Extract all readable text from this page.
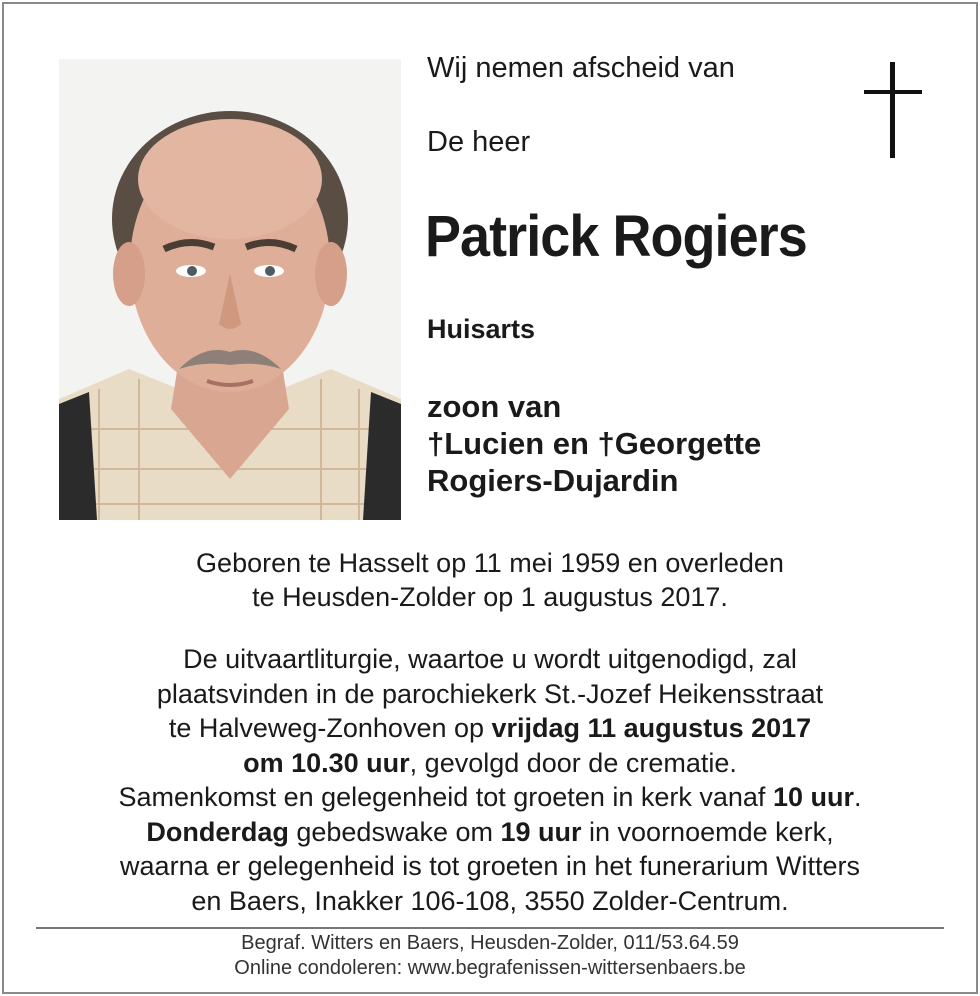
Wij nemen afscheid van
De heer
Patrick Rogiers
Huisarts
zoon van
†Lucien en †Georgette
Rogiers-Dujardin
Geboren te Hasselt op 11 mei 1959 en overleden
te Heusden-Zolder op 1 augustus 2017.
De uitvaartliturgie, waartoe u wordt uitgenodigd, zal
plaatsvinden in de parochiekerk St.-Jozef Heikensstraat
te Halveweg-Zonhoven op vrijdag 11 augustus 2017
om 10.30 uur, gevolgd door de crematie.
Samenkomst en gelegenheid tot groeten in kerk vanaf 10 uur.
Donderdag gebedswake om 19 uur in voornoemde kerk,
waarna er gelegenheid is tot groeten in het funerarium Witters
en Baers, Inakker 106-108, 3550 Zolder-Centrum.
Begraf. Witters en Baers, Heusden-Zolder, 011/53.64.59
Online condoleren: www.begrafenissen-wittersenbaers.be
